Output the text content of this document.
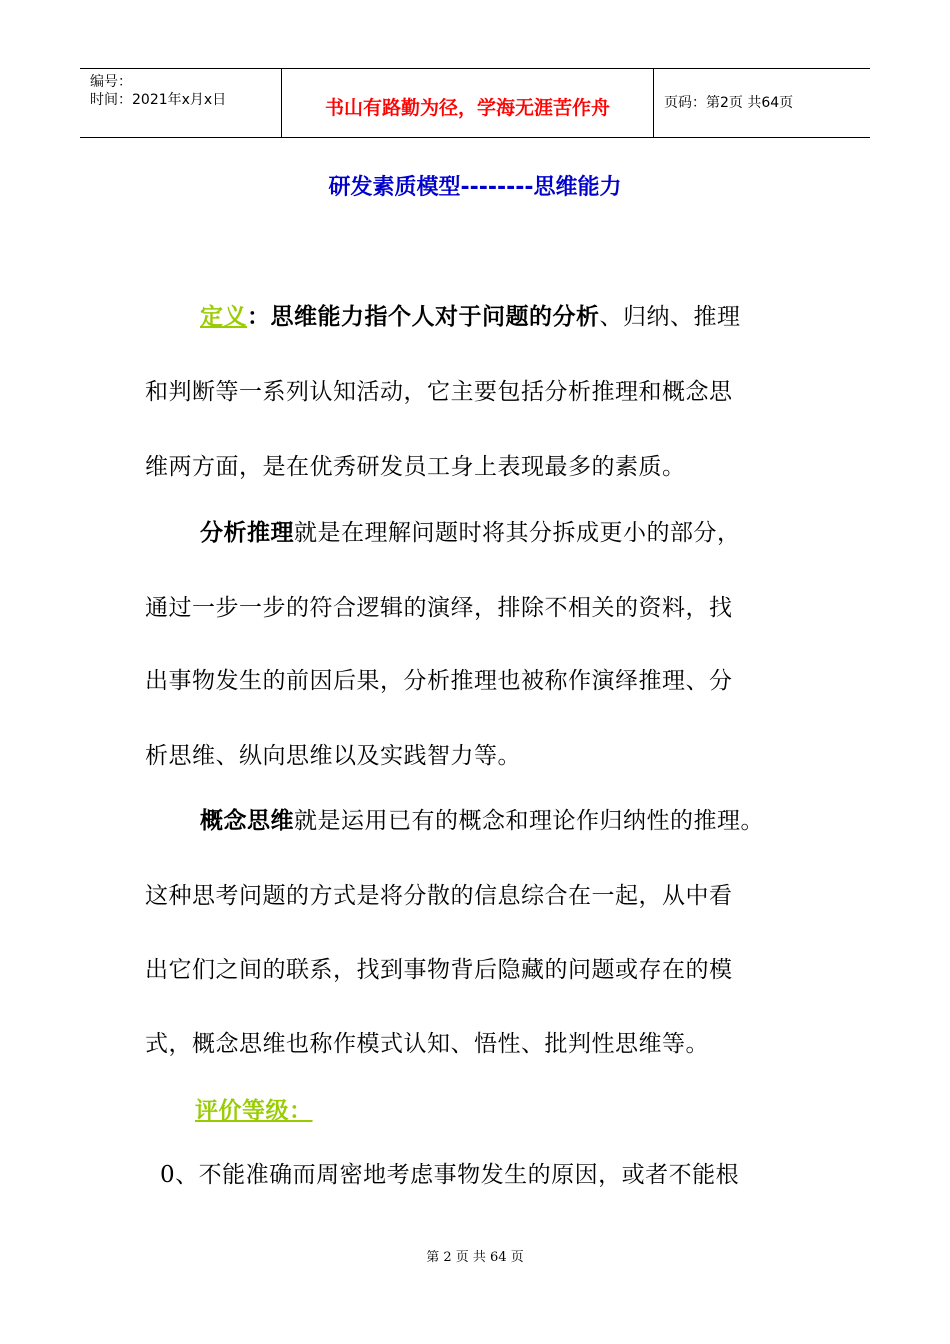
编号：
时间：2021年x月x日	书山有路勤为径，学海无涯苦作舟	页码：第2页 共64页
研发素质模型--------思维能力
定义：思维能力指个人对于问题的分析、归纳、推理
和判断等一系列认知活动，它主要包括分析推理和概念思
维两方面，是在优秀研发员工身上表现最多的素质。
分析推理就是在理解问题时将其分拆成更小的部分，
通过一步一步的符合逻辑的演绎，排除不相关的资料，找
出事物发生的前因后果，分析推理也被称作演绎推理、分
析思维、纵向思维以及实践智力等。
概念思维就是运用已有的概念和理论作归纳性的推理。
这种思考问题的方式是将分散的信息综合在一起，从中看
出它们之间的联系，找到事物背后隐藏的问题或存在的模
式，概念思维也称作模式认知、悟性、批判性思维等。
评价等级：
0、不能准确而周密地考虑事物发生的原因，或者不能根
第 2 页 共 64 页
